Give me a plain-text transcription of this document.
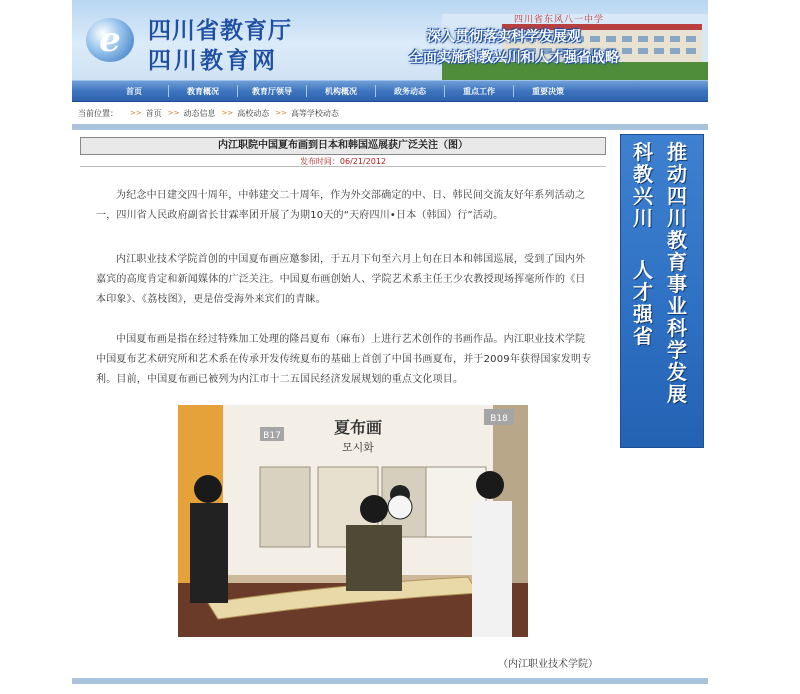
e	四川省教育厅
四川教育网
四川省东风八一中学
深入贯彻落实科学发展观
全面实施科教兴川和人才强省战略
首页	教育概况	教育厅领导	机构概况	政务动态	重点工作	重要决策
当前位置： >> 首页 >> 动态信息 >> 高校动态 >> 高等学校动态
内江职院中国夏布画到日本和韩国巡展获广泛关注（图）
发布时间：06/21/2012

为纪念中日建交四十周年，中韩建交二十周年，作为外交部确定的中、日、韩民间交流友好年系列活动之一，四川省人民政府副省长甘霖率团开展了为期10天的“天府四川•日本（韩国）行”活动。

内江职业技术学院首创的中国夏布画应邀参团，于五月下旬至六月上旬在日本和韩国巡展，受到了国内外嘉宾的高度肯定和新闻媒体的广泛关注。中国夏布画创始人、学院艺术系主任王少农教授现场挥毫所作的《日本印象》、《荔枝图》，更是倍受海外来宾们的青睐。

中国夏布画是指在经过特殊加工处理的隆昌夏布（麻布）上进行艺术创作的书画作品。内江职业技术学院中国夏布艺术研究所和艺术系在传承开发传统夏布的基础上首创了中国书画夏布，并于2009年获得国家发明专利。目前，中国夏布画已被列为内江市十二五国民经济发展规划的重点文化项目。

B17
B18
夏布画
모시화
（内江职业技术学院）
推动四川教育事业科学发展
科教兴川
人才强省
